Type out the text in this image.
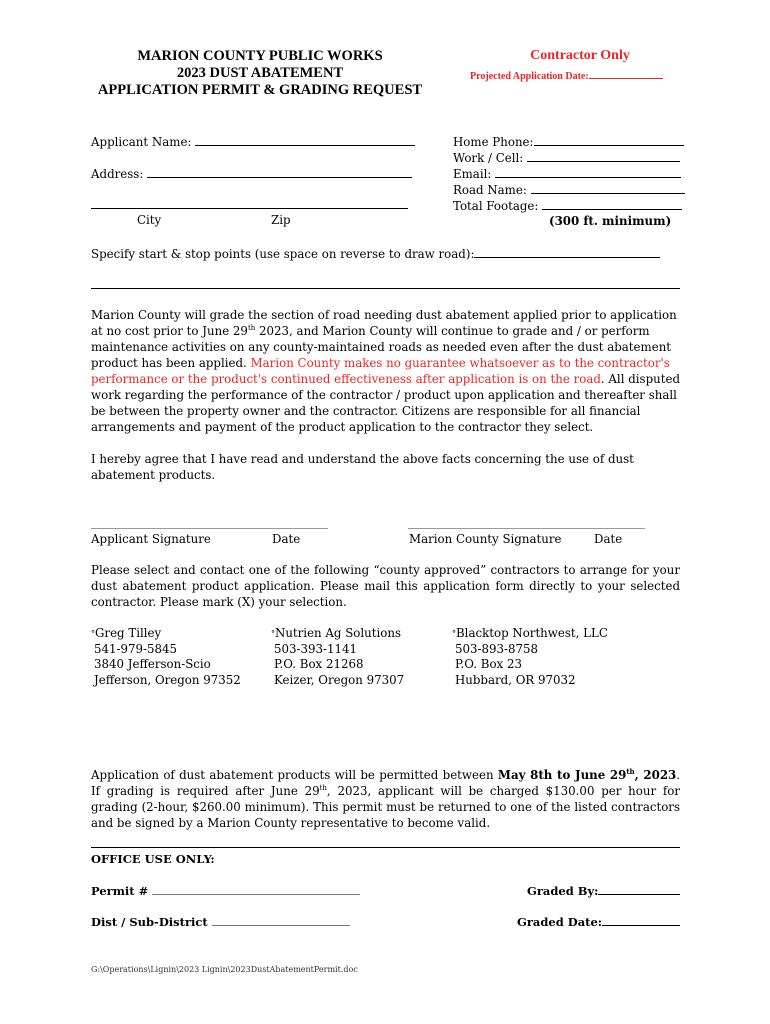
MARION COUNTY PUBLIC WORKS
2023 DUST ABATEMENT
APPLICATION PERMIT & GRADING REQUEST
Contractor Only
Projected Application Date:
Applicant Name:
Address:
City	Zip
Home Phone:
Work / Cell:
Email:
Road Name:
Total Footage:
(300 ft. minimum)
Specify start & stop points (use space on reverse to draw road):
Marion County will grade the section of road needing dust abatement applied prior to application at no cost prior to June 29th 2023, and Marion County will continue to grade and / or perform maintenance activities on any county-maintained roads as needed even after the dust abatement product has been applied. Marion County makes no guarantee whatsoever as to the contractor's performance or the product's continued effectiveness after application is on the road. All disputed work regarding the performance of the contractor / product upon application and thereafter shall be between the property owner and the contractor. Citizens are responsible for all financial arrangements and payment of the product application to the contractor they select.
I hereby agree that I have read and understand the above facts concerning the use of dust abatement products.
Applicant Signature	Date	Marion County Signature	Date
Please select and contact one of the following “county approved” contractors to arrange for your dust abatement product application. Please mail this application form directly to your selected contractor. Please mark (X) your selection.
°Greg Tilley
541-979-5845
3840 Jefferson-Scio
Jefferson, Oregon 97352
°Nutrien Ag Solutions
503-393-1141
P.O. Box 21268
Keizer, Oregon 97307
°Blacktop Northwest, LLC
503-893-8758
P.O. Box 23
Hubbard, OR 97032
Application of dust abatement products will be permitted between May 8th to June 29th, 2023. If grading is required after June 29th, 2023, applicant will be charged $130.00 per hour for grading (2-hour, $260.00 minimum). This permit must be returned to one of the listed contractors and be signed by a Marion County representative to become valid.
OFFICE USE ONLY:
Permit #	Graded By:
Dist / Sub-District	Graded Date:
G:\Operations\Lignin\2023 Lignin\2023DustAbatementPermit.doc
